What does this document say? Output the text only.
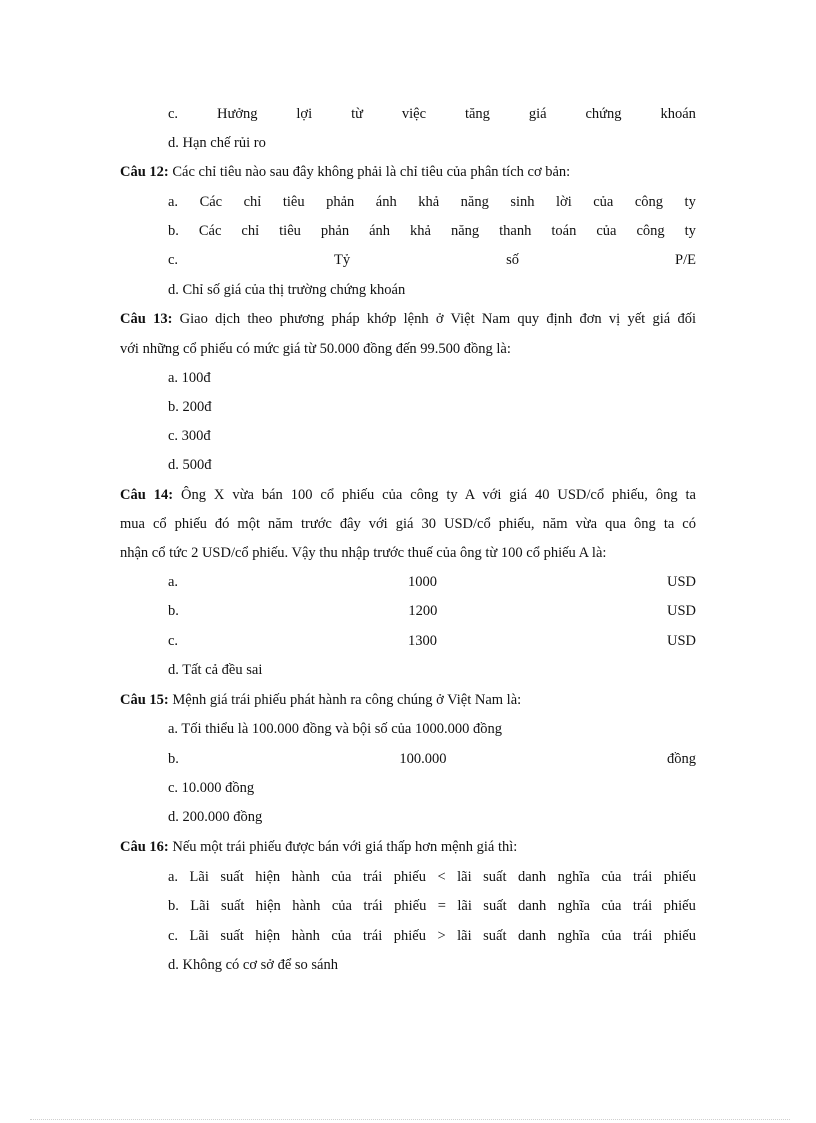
c.	Hưởng	lợi	từ	việc	tăng	giá	chứng	khoán
d. Hạn chế rủi ro
Câu 12: Các chỉ tiêu nào sau đây không phải là chỉ tiêu của phân tích cơ bản:
a. Các chỉ tiêu phản ánh khả năng sinh lời của công ty
b. Các chỉ tiêu phản ánh khả năng thanh toán của công ty
c.	Tỷ	số	P/E
d. Chỉ số giá của thị trường chứng khoán
Câu 13: Giao dịch theo phương pháp khớp lệnh ở Việt Nam quy định đơn vị yết giá đối
với những cổ phiếu có mức giá từ 50.000 đồng đến 99.500 đồng là:
a. 100đ
b. 200đ
c. 300đ
d. 500đ
Câu 14: Ông X vừa bán 100 cổ phiếu của công ty A với giá 40 USD/cổ phiếu, ông ta
mua cổ phiếu đó một năm trước đây với giá 30 USD/cổ phiếu, năm vừa qua ông ta có
nhận cổ tức 2 USD/cổ phiếu. Vậy thu nhập trước thuế của ông từ 100 cổ phiếu A là:
a.	1000	USD
b.	1200	USD
c.	1300	USD
d. Tất cả đều sai
Câu 15: Mệnh giá trái phiếu phát hành ra công chúng ở Việt Nam là:
a. Tối thiểu là 100.000 đồng và bội số của 1000.000 đồng
b.	100.000	đồng
c. 10.000 đồng
d. 200.000 đồng
Câu 16: Nếu một trái phiếu được bán với giá thấp hơn mệnh giá thì:
a. Lãi suất hiện hành của trái phiếu < lãi suất danh nghĩa của trái phiếu
b. Lãi suất hiện hành của trái phiếu = lãi suất danh nghĩa của trái phiếu
c. Lãi suất hiện hành của trái phiếu > lãi suất danh nghĩa của trái phiếu
d. Không có cơ sở để so sánh
